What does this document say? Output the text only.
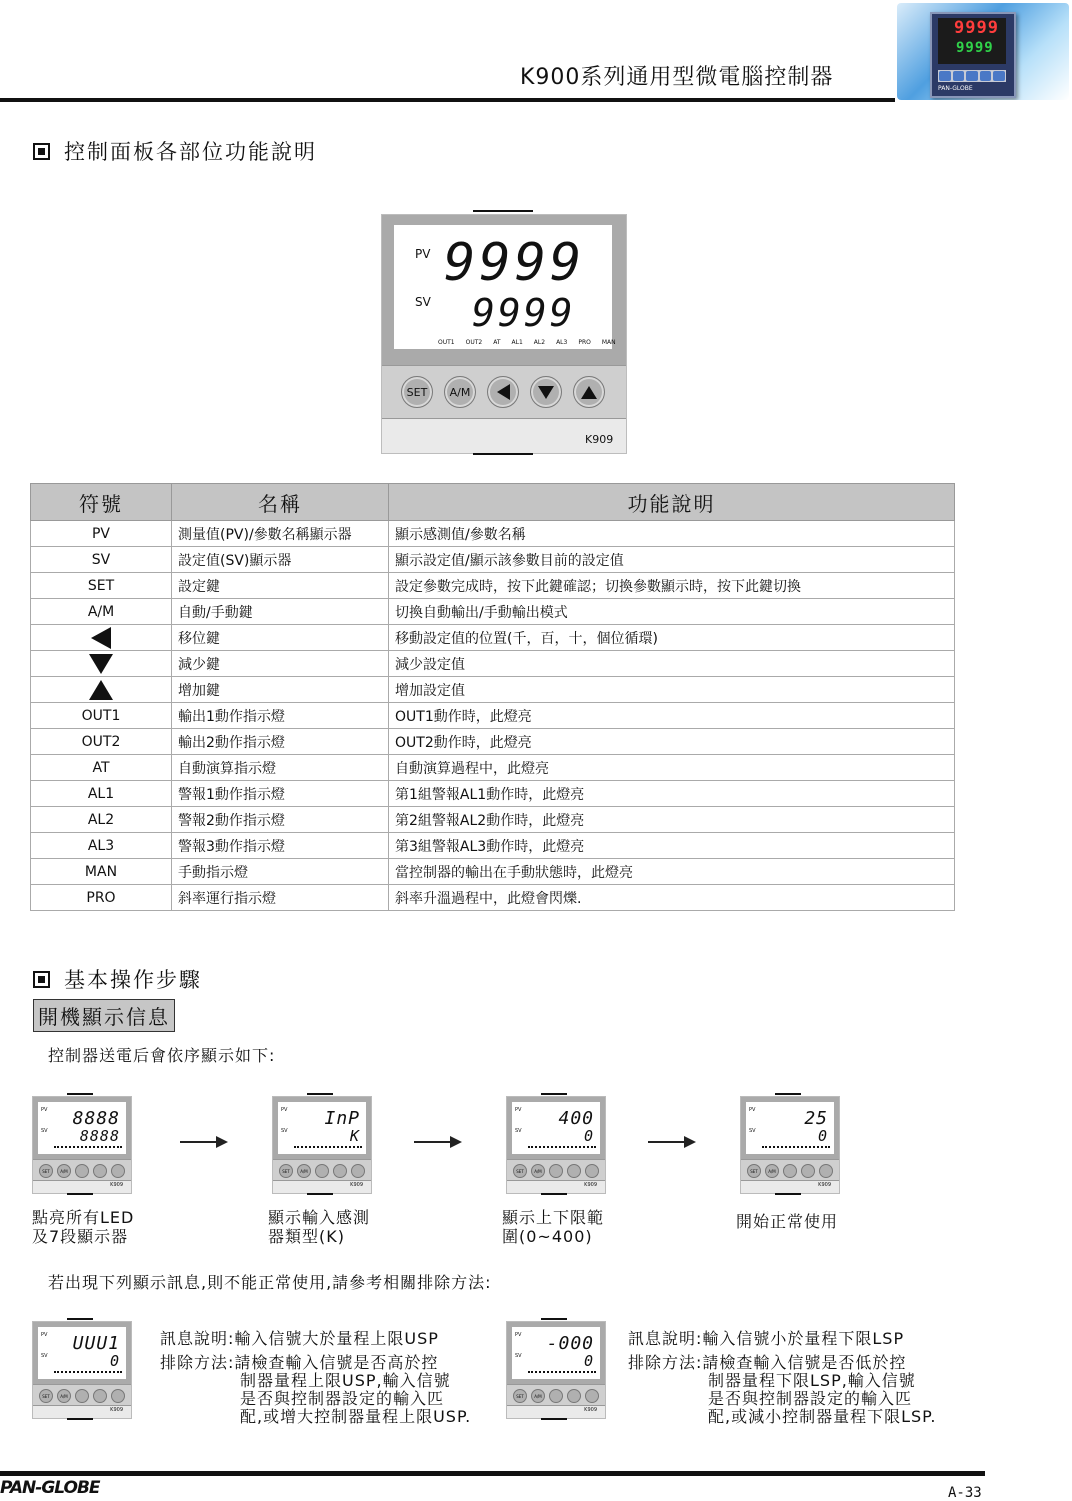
9999
9999
PAN-GLOBE
K900系列通用型微電腦控制器
控制面板各部位功能說明
PV 9999
SV 9999
OUT1 OUT2 AT AL1 AL2 AL3 PRO MAN
SET	A/M
K909
符號	名稱	功能說明
PV	測量值(PV)/參數名稱顯示器	顯示感測值/參數名稱
SV	設定值(SV)顯示器	顯示設定值/顯示該參數目前的設定值
SET	設定鍵	設定參數完成時，按下此鍵確認；切換參數顯示時，按下此鍵切換
A/M	自動/手動鍵	切換自動輸出/手動輸出模式
	移位鍵	移動設定值的位置(千，百，十，個位循環)
	減少鍵	減少設定值
	增加鍵	增加設定值
OUT1	輸出1動作指示燈	OUT1動作時，此燈亮
OUT2	輸出2動作指示燈	OUT2動作時，此燈亮
AT	自動演算指示燈	自動演算過程中，此燈亮
AL1	警報1動作指示燈	第1組警報AL1動作時，此燈亮
AL2	警報2動作指示燈	第2組警報AL2動作時，此燈亮
AL3	警報3動作指示燈	第3組警報AL3動作時，此燈亮
MAN	手動指示燈	當控制器的輸出在手動狀態時，此燈亮
PRO	斜率運行指示燈	斜率升溫過程中，此燈會閃爍.
基本操作步驟
開機顯示信息
控制器送電后會依序顯示如下:
若出現下列顯示訊息,則不能正常使用,請參考相關排除方法:
PAN-GLOBE	A-33
PV 8888
SV 8888
SET	A/M
K909
點亮所有LED
及7段顯示器
PV InP
SV	K
SET	A/M
K909
顯示輸入感測
器類型(K)
PV 400
SV	0
SET	A/M
K909
顯示上下限範
圍(0~400)
PV	25
SV	0
SET	A/M
K909
開始正常使用
PV UUU1
SV	0
SET	A/M
K909
訊息說明:輸入信號大於量程上限USP
排除方法:請檢查輸入信號是否高於控
制器量程上限USP,輸入信號
是否與控制器設定的輸入匹
配,或增大控制器量程上限USP.
PV -000
SV	0
SET	A/M
K909
訊息說明:輸入信號小於量程下限LSP
排除方法:請檢查輸入信號是否低於控
制器量程下限LSP,輸入信號
是否與控制器設定的輸入匹
配,或減小控制器量程下限LSP.
